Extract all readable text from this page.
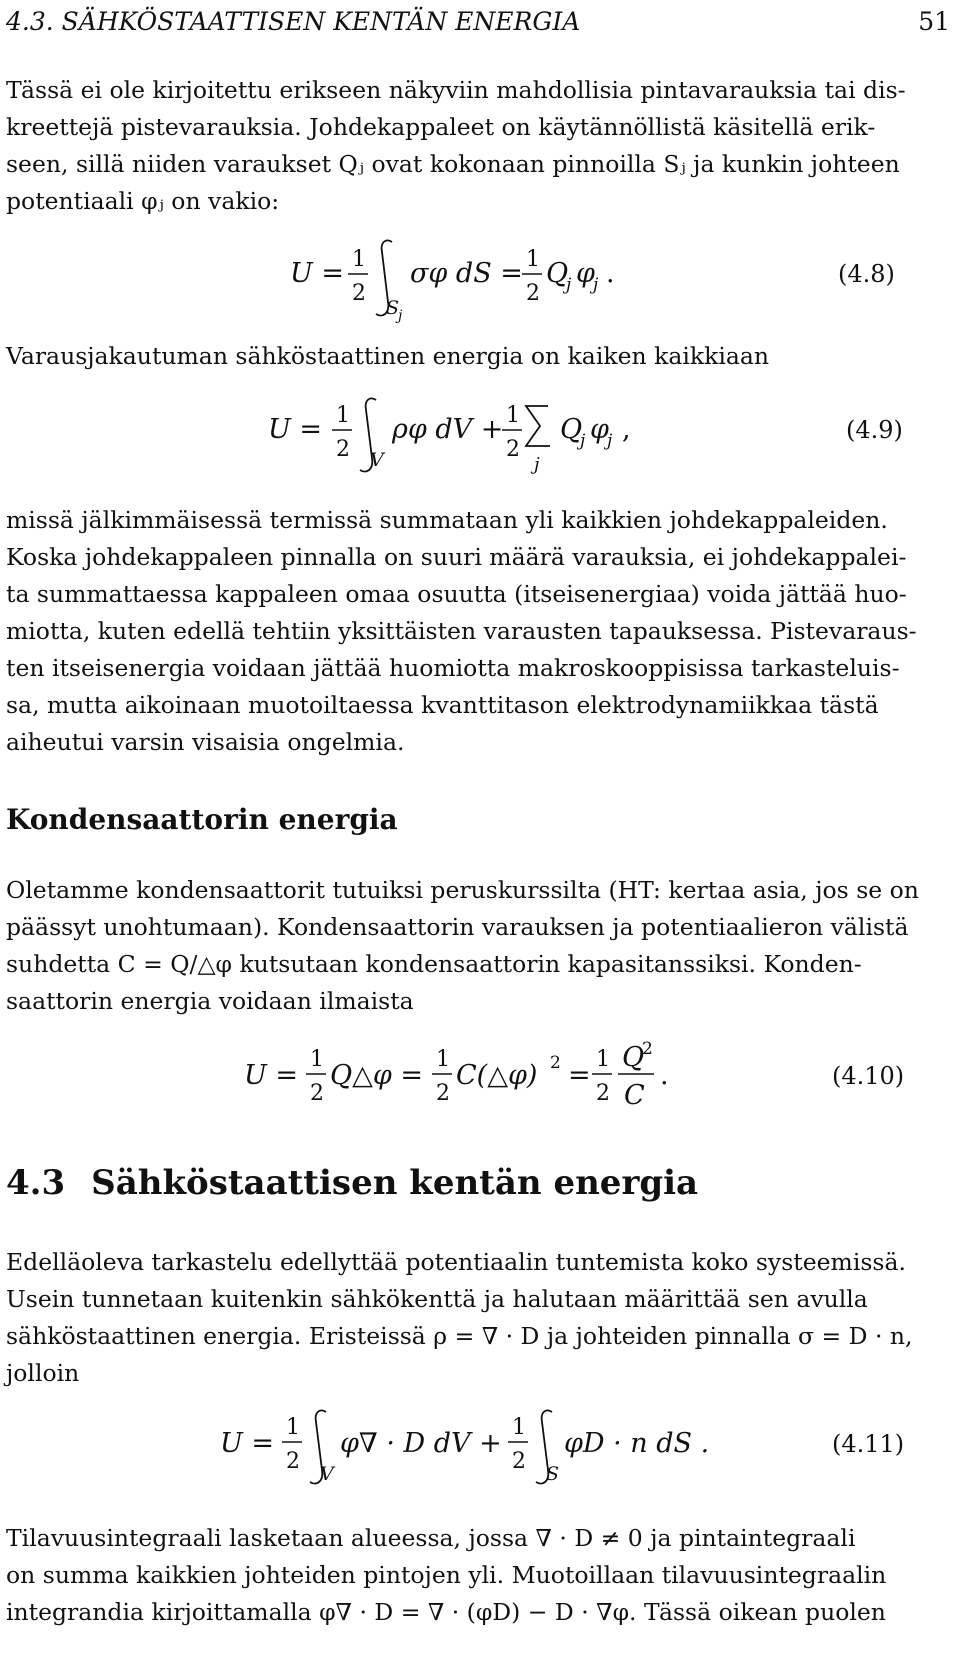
4.3. SÄHKÖSTAATTISEN KENTÄN ENERGIA	51
Tässä ei ole kirjoitettu erikseen näkyviin mahdollisia pintavarauksia tai dis-
kreettejä pistevarauksia. Johdekappaleet on käytännöllistä käsitellä erik-
seen, sillä niiden varaukset Qⱼ ovat kokonaan pinnoilla Sⱼ ja kunkin johteen
potentiaali φⱼ on vakio:
U = 1
2
S
j
σφ dS = 1
2
Q
j φ
j .	(4.8)
Varausjakautuman sähköstaattinen energia on kaiken kaikkiaan
U = 1
2 V
ρφ dV + 1
2
j
Q
j φ
j ,	(4.9)
missä jälkimmäisessä termissä summataan yli kaikkien johdekappaleiden.
Koska johdekappaleen pinnalla on suuri määrä varauksia, ei johdekappalei-
ta summattaessa kappaleen omaa osuutta (itseisenergiaa) voida jättää huo-
miotta, kuten edellä tehtiin yksittäisten varausten tapauksessa. Pistevaraus-
ten itseisenergia voidaan jättää huomiotta makroskooppisissa tarkasteluis-
sa, mutta aikoinaan muotoiltaessa kvanttitason elektrodynamiikkaa tästä
aiheutui varsin visaisia ongelmia.
Kondensaattorin energia
Oletamme kondensaattorit tutuiksi peruskurssilta (HT: kertaa asia, jos se on
päässyt unohtumaan). Kondensaattorin varauksen ja potentiaalieron välistä
suhdetta C = Q/△φ kutsutaan kondensaattorin kapasitanssiksi. Konden-
saattorin energia voidaan ilmaista
U =
1
2
Q△φ =
1
2
C(△φ) 2 =
1
2
Q
2
C
.	(4.10)
4.3 Sähköstaattisen kentän energia
Edelläoleva tarkastelu edellyttää potentiaalin tuntemista koko systeemissä.
Usein tunnetaan kuitenkin sähkökenttä ja halutaan määrittää sen avulla
sähköstaattinen energia. Eristeissä ρ = ∇ · D ja johteiden pinnalla σ = D · n,
jolloin
U =
1
2 V
φ∇ · D dV +
1
2 S
φD · n dS .	(4.11)
Tilavuusintegraali lasketaan alueessa, jossa ∇ · D ≠ 0 ja pintaintegraali
on summa kaikkien johteiden pintojen yli. Muotoillaan tilavuusintegraalin
integrandia kirjoittamalla φ∇ · D = ∇ · (φD) − D · ∇φ. Tässä oikean puolen
